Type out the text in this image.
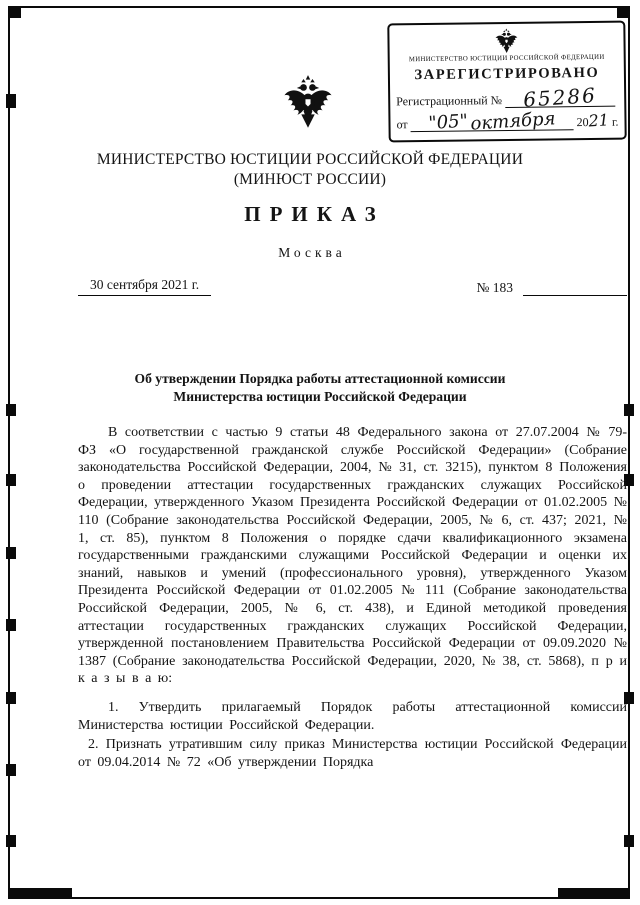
МИНИСТЕРСТВО ЮСТИЦИИ РОССИЙСКОЙ ФЕДЕРАЦИИ
ЗАРЕГИСТРИРОВАНО
Регистрационный №	65286
от	"05" октября	2021 г.
МИНИСТЕРСТВО ЮСТИЦИИ РОССИЙСКОЙ ФЕДЕРАЦИИ
(МИНЮСТ РОССИИ)
ПРИКАЗ
Москва
30 сентября 2021 г.	№ 183
Об утверждении Порядка работы аттестационной комиссии
Министерства юстиции Российской Федерации

В соответствии с частью 9 статьи 48 Федерального закона от 27.07.2004 № 79-ФЗ «О государственной гражданской службе Российской Федерации» (Собрание законодательства Российской Федерации, 2004, № 31, ст. 3215), пунктом 8 Положения о проведении аттестации государственных гражданских служащих Российской Федерации, утвержденного Указом Президента Российской Федерации от 01.02.2005 № 110 (Собрание законодательства Российской Федерации, 2005, № 6, ст. 437; 2021, № 1, ст. 85), пунктом 8 Положения о порядке сдачи квалификационного экзамена государственными гражданскими служащими Российской Федерации и оценки их знаний, навыков и умений (профессионального уровня), утвержденного Указом Президента Российской Федерации от 01.02.2005 № 111 (Собрание законодательства Российской Федерации, 2005, № 6, ст. 438), и Единой методикой проведения аттестации государственных гражданских служащих Российской Федерации, утвержденной постановлением Правительства Российской Федерации от 09.09.2020 № 1387 (Собрание законодательства Российской Федерации, 2020, № 38, ст. 5868), п р и к а з ы в а ю:

1. Утвердить прилагаемый Порядок работы аттестационной комиссии Министерства юстиции Российской Федерации.

2. Признать утратившим силу приказ Министерства юстиции Российской Федерации от 09.04.2014 № 72 «Об утверждении Порядка
